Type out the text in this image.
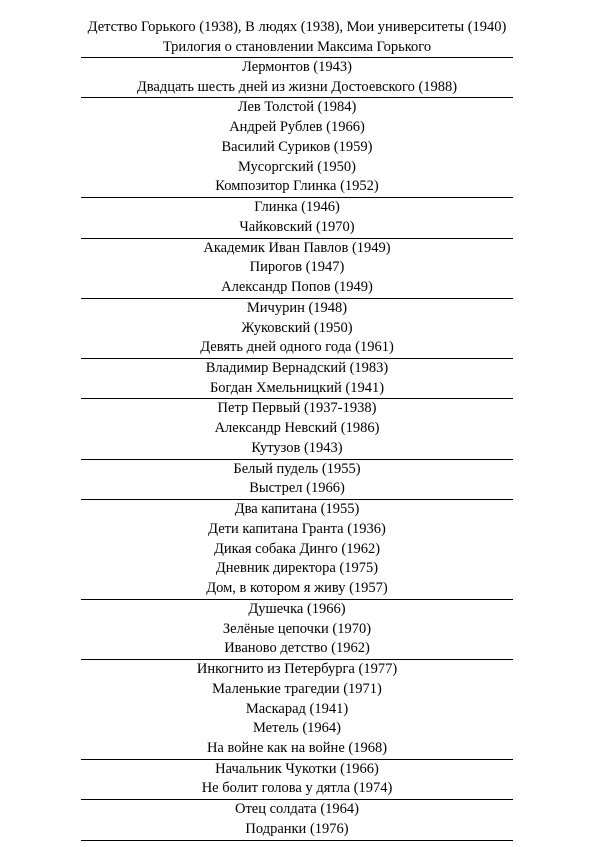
Детство Горького (1938), В людях (1938), Мои университеты (1940) Трилогия о становлении Максима Горького
Лермонтов (1943)
Двадцать шесть дней из жизни Достоевского (1988)
Лев Толстой (1984)
Андрей Рублев (1966)
Василий Суриков (1959)
Мусоргский (1950)
Композитор Глинка (1952)
Глинка (1946)
Чайковский (1970)
Академик Иван Павлов (1949)
Пирогов (1947)
Александр Попов (1949)
Мичурин (1948)
Жуковский (1950)
Девять дней одного года (1961)
Владимир Вернадский (1983)
Богдан Хмельницкий (1941)
Петр Первый (1937-1938)
Александр Невский (1986)
Кутузов (1943)
Белый пудель (1955)
Выстрел (1966)
Два капитана (1955)
Дети капитана Гранта (1936)
Дикая собака Динго (1962)
Дневник директора (1975)
Дом, в котором я живу (1957)
Душечка (1966)
Зелёные цепочки (1970)
Иваново детство (1962)
Инкогнито из Петербурга (1977)
Маленькие трагедии (1971)
Маскарад (1941)
Метель (1964)
На войне как на войне (1968)
Начальник Чукотки (1966)
Не болит голова у дятла (1974)
Отец солдата (1964)
Подранки (1976)
